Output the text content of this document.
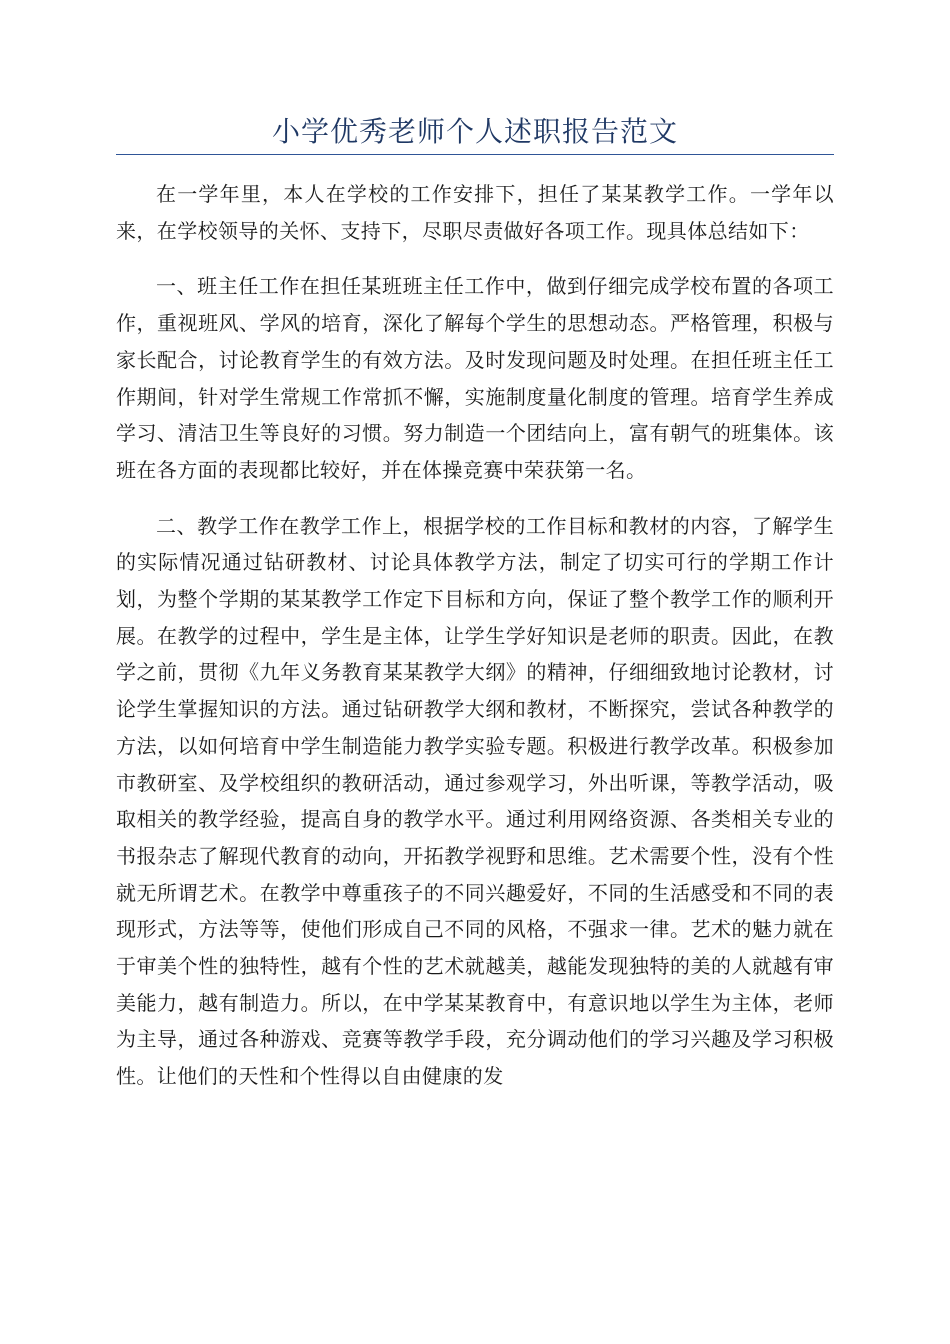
小学优秀老师个人述职报告范文

在一学年里，本人在学校的工作安排下，担任了某某教学工作。一学年以来，在学校领导的关怀、支持下，尽职尽责做好各项工作。现具体总结如下：

一、班主任工作在担任某班班主任工作中，做到仔细完成学校布置的各项工作，重视班风、学风的培育，深化了解每个学生的思想动态。严格管理，积极与家长配合，讨论教育学生的有效方法。及时发现问题及时处理。在担任班主任工作期间，针对学生常规工作常抓不懈，实施制度量化制度的管理。培育学生养成学习、清洁卫生等良好的习惯。努力制造一个团结向上，富有朝气的班集体。该班在各方面的表现都比较好，并在体操竞赛中荣获第一名。

二、教学工作在教学工作上，根据学校的工作目标和教材的内容，了解学生的实际情况通过钻研教材、讨论具体教学方法，制定了切实可行的学期工作计划，为整个学期的某某教学工作定下目标和方向，保证了整个教学工作的顺利开展。在教学的过程中，学生是主体，让学生学好知识是老师的职责。因此，在教学之前，贯彻《九年义务教育某某教学大纲》的精神，仔细细致地讨论教材，讨论学生掌握知识的方法。通过钻研教学大纲和教材，不断探究，尝试各种教学的方法，以如何培育中学生制造能力教学实验专题。积极进行教学改革。积极参加市教研室、及学校组织的教研活动，通过参观学习，外出听课，等教学活动，吸取相关的教学经验，提高自身的教学水平。通过利用网络资源、各类相关专业的书报杂志了解现代教育的动向，开拓教学视野和思维。艺术需要个性，没有个性就无所谓艺术。在教学中尊重孩子的不同兴趣爱好，不同的生活感受和不同的表现形式，方法等等，使他们形成自己不同的风格，不强求一律。艺术的魅力就在于审美个性的独特性，越有个性的艺术就越美，越能发现独特的美的人就越有审美能力，越有制造力。所以，在中学某某教育中，有意识地以学生为主体，老师为主导，通过各种游戏、竞赛等教学手段，充分调动他们的学习兴趣及学习积极性。让他们的天性和个性得以自由健康的发
